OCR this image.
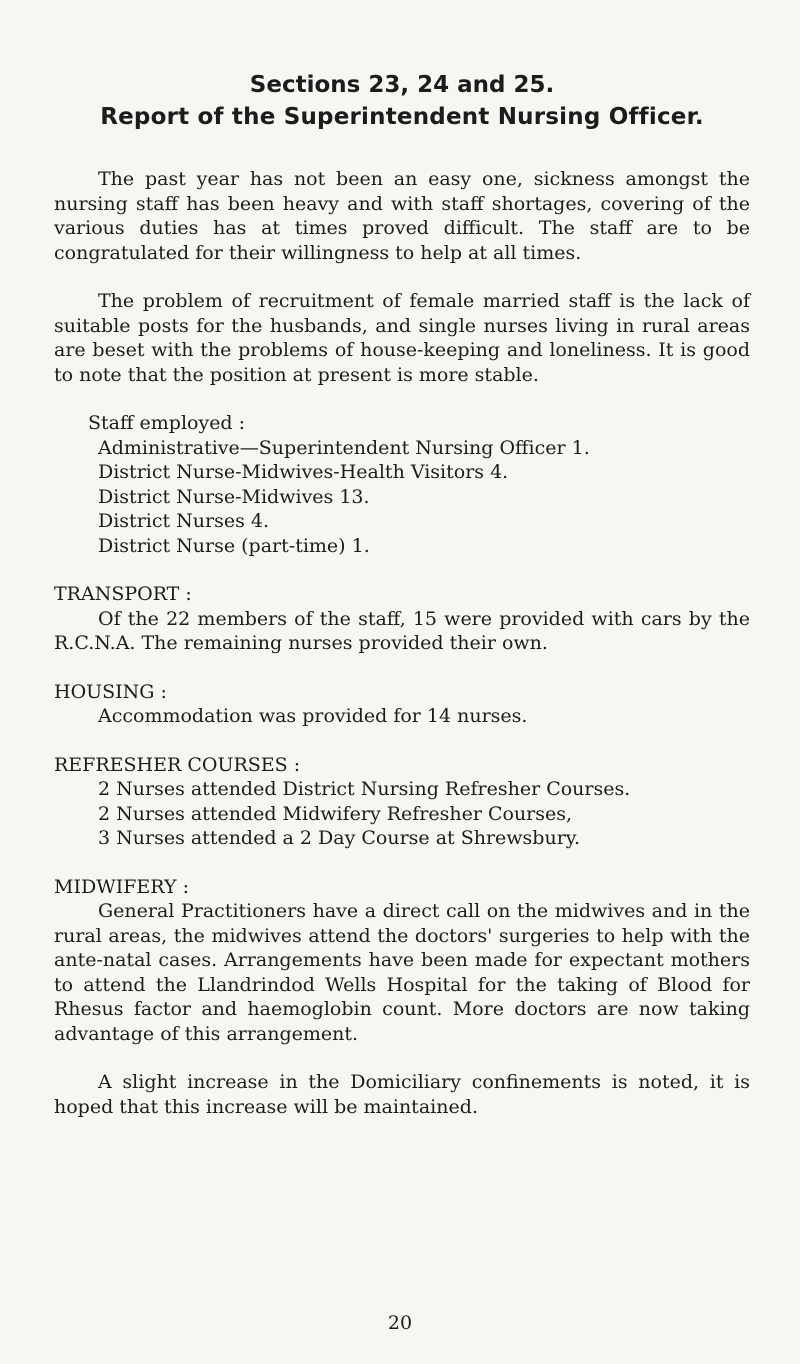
Sections 23, 24 and 25.
Report of the Superintendent Nursing Officer.

The past year has not been an easy one, sickness amongst the nursing staff has been heavy and with staff shortages, covering of the various duties has at times proved difficult. The staff are to be congratulated for their willingness to help at all times.

The problem of recruitment of female married staff is the lack of suitable posts for the husbands, and single nurses living in rural areas are beset with the problems of house-keeping and loneliness. It is good to note that the position at present is more stable.

Staff employed :
Administrative—Superintendent Nursing Officer 1.
District Nurse-Midwives-Health Visitors 4.
District Nurse-Midwives 13.
District Nurses 4.
District Nurse (part-time) 1.
TRANSPORT :

Of the 22 members of the staff, 15 were provided with cars by the R.C.N.A. The remaining nurses provided their own.

HOUSING :

Accommodation was provided for 14 nurses.

REFRESHER COURSES :
2 Nurses attended District Nursing Refresher Courses.
2 Nurses attended Midwifery Refresher Courses,
3 Nurses attended a 2 Day Course at Shrewsbury.
MIDWIFERY :

General Practitioners have a direct call on the midwives and in the rural areas, the midwives attend the doctors' surgeries to help with the ante-natal cases. Arrangements have been made for expectant mothers to attend the Llandrindod Wells Hospital for the taking of Blood for Rhesus factor and haemoglobin count. More doctors are now taking advantage of this arrangement.

A slight increase in the Domiciliary confinements is noted, it is hoped that this increase will be maintained.

20
